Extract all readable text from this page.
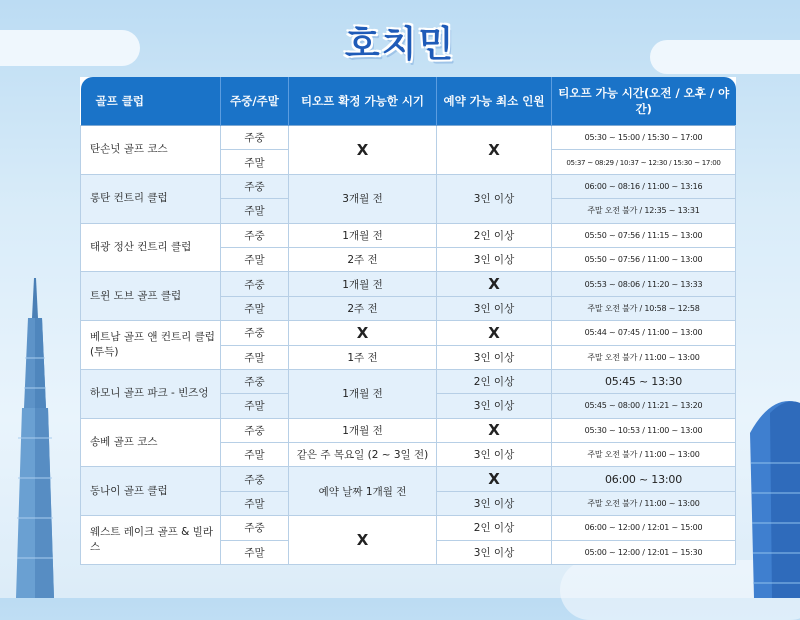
호치민
골프 클럽	주중/주말	티오프 확정 가능한 시기	예약 가능 최소 인원	티오프 가능 시간(오전 / 오후 / 야간)
탄손넛 골프 코스	주중	X	X	05:30 ~ 15:00 / 15:30 ~ 17:00
	주말			05:37 ~ 08:29 / 10:37 ~ 12:30 / 15:30 ~ 17:00
롱탄 컨트리 클럽	주중	3개월 전	3인 이상	06:00 ~ 08:16 / 11:00 ~ 13:16
	주말			주말 오전 불가 / 12:35 ~ 13:31
태광 정산 컨트리 클럽	주중	1개월 전	2인 이상	05:50 ~ 07:56 / 11:15 ~ 13:00
	주말	2주 전	3인 이상	05:50 ~ 07:56 / 11:00 ~ 13:00
트윈 도브 골프 클럽	주중	1개월 전	X	05:53 ~ 08:06 / 11:20 ~ 13:33
	주말	2주 전	3인 이상	주말 오전 불가 / 10:58 ~ 12:58
베트남 골프 앤 컨트리 클럽 (투득)	주중	X	X	05:44 ~ 07:45 / 11:00 ~ 13:00
	주말	1주 전	3인 이상	주말 오전 불가 / 11:00 ~ 13:00
하모니 골프 파크 - 빈즈엉	주중	1개월 전	2인 이상	05:45 ~ 13:30
	주말		3인 이상	05:45 ~ 08:00 / 11:21 ~ 13:20
송베 골프 코스	주중	1개월 전	X	05:30 ~ 10:53 / 11:00 ~ 13:00
	주말	같은 주 목요일 (2 ~ 3일 전)	3인 이상	주말 오전 불가 / 11:00 ~ 13:00
동나이 골프 클럽	주중	예약 날짜 1개월 전	X	06:00 ~ 13:00
	주말		3인 이상	주말 오전 불가 / 11:00 ~ 13:00
웨스트 레이크 골프 & 빌라스	주중	X	2인 이상	06:00 ~ 12:00 / 12:01 ~ 15:00
	주말		3인 이상	05:00 ~ 12:00 / 12:01 ~ 15:30
